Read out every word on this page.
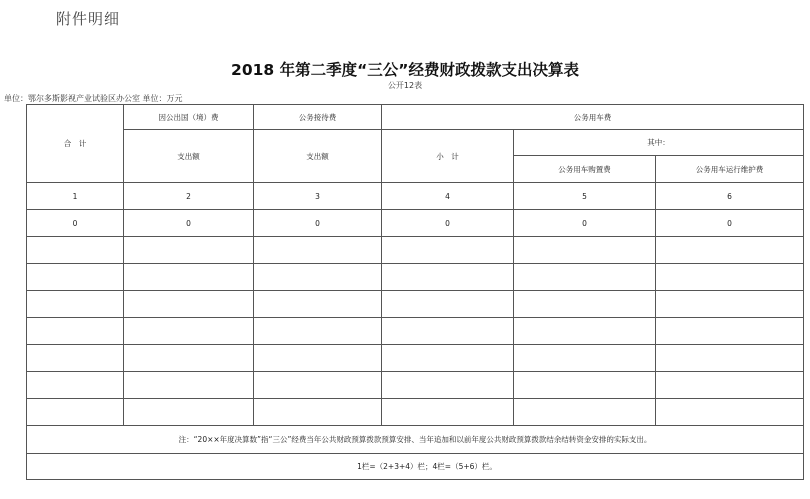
附件明细
2018 年第二季度“三公”经费财政拨款支出决算表
公开12表
单位：鄂尔多斯影视产业试验区办公室 单位：万元
合　计	因公出国（境）费	公务接待费	公务用车费		
	支出额	支出额	小　计	其中：	
				公务用车购置费	公务用车运行维护费
1	2	3	4	5	6
0	0	0	0	0	0

注：“20××年度决算数”指“三公”经费当年公共财政预算拨款预算安排、当年追加和以前年度公共财政预算拨款结余结转资金安排的实际支出。					

1栏=（2+3+4）栏；4栏=（5+6）栏。					
